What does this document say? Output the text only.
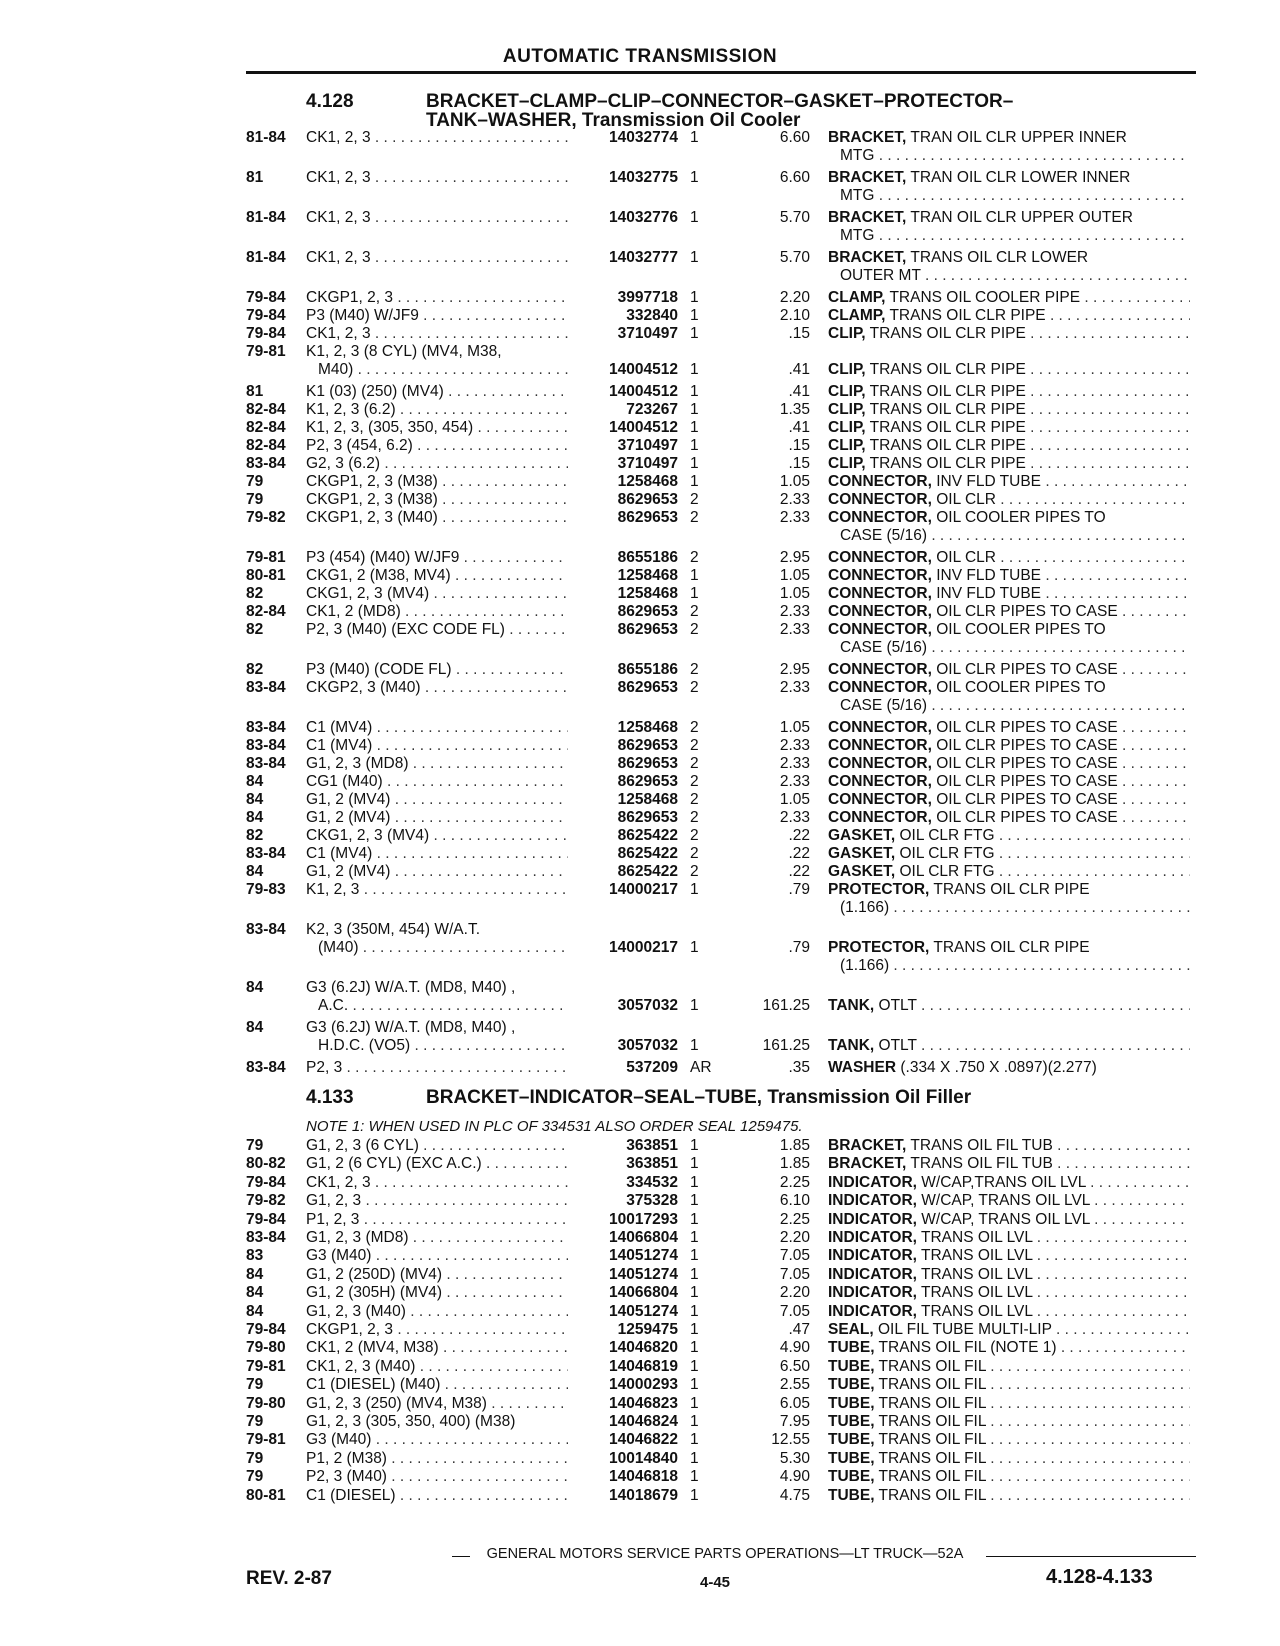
AUTOMATIC TRANSMISSION
4.128	BRACKET–CLAMP–CLIP–CONNECTOR–GASKET–PROTECTOR–
TANK–WASHER, Transmission Oil Cooler
4.133	BRACKET–INDICATOR–SEAL–TUBE, Transmission Oil Filler
NOTE 1: WHEN USED IN PLC OF 334531 ALSO ORDER SEAL 1259475.
81-84	CK1, 2, 3 . . .	14032774 1	6.60 BRACKET, TRAN OIL CLR UPPER INNER
MTG . . .
81	CK1, 2, 3 . . .	14032775 1	6.60 BRACKET, TRAN OIL CLR LOWER INNER
MTG . . .
81-84	CK1, 2, 3 . . .	14032776 1	5.70 BRACKET, TRAN OIL CLR UPPER OUTER
MTG . . .
81-84	CK1, 2, 3 . . .	14032777 1	5.70 BRACKET, TRANS OIL CLR LOWER
OUTER MT . . .
79-84	CKGP1, 2, 3 . . .	3997718 1	2.20 CLAMP, TRANS OIL COOLER PIPE . . .
79-84	P3 (M40) W/JF9 . . .	332840 1	2.10 CLAMP, TRANS OIL CLR PIPE . . .
79-84	CK1, 2, 3 . . .	3710497 1	.15 CLIP, TRANS OIL CLR PIPE . . .
79-81	K1, 2, 3 (8 CYL) (MV4, M38,
M40) . . .	14004512 1	.41 CLIP, TRANS OIL CLR PIPE . . .
81	K1 (03) (250) (MV4) . . .	14004512 1	.41 CLIP, TRANS OIL CLR PIPE . . .
82-84	K1, 2, 3 (6.2) . . .	723267 1	1.35 CLIP, TRANS OIL CLR PIPE . . .
82-84	K1, 2, 3, (305, 350, 454) . . .	14004512 1	.41 CLIP, TRANS OIL CLR PIPE . . .
82-84	P2, 3 (454, 6.2) . . .	3710497 1	.15 CLIP, TRANS OIL CLR PIPE . . .
83-84	G2, 3 (6.2) . . .	3710497 1	.15 CLIP, TRANS OIL CLR PIPE . . .
79	CKGP1, 2, 3 (M38) . . .	1258468 1	1.05 CONNECTOR, INV FLD TUBE . . .
79	CKGP1, 2, 3 (M38) . . .	8629653 2	2.33 CONNECTOR, OIL CLR . . .
79-82	CKGP1, 2, 3 (M40) . . .	8629653 2	2.33 CONNECTOR, OIL COOLER PIPES TO
CASE (5/16) . . .
79-81	P3 (454) (M40) W/JF9 . . .	8655186 2	2.95 CONNECTOR, OIL CLR . . .
80-81	CKG1, 2 (M38, MV4) . . .	1258468 1	1.05 CONNECTOR, INV FLD TUBE . . .
82	CKG1, 2, 3 (MV4) . . .	1258468 1	1.05 CONNECTOR, INV FLD TUBE . . .
82-84	CK1, 2 (MD8) . . .	8629653 2	2.33 CONNECTOR, OIL CLR PIPES TO CASE . . .
82	P2, 3 (M40) (EXC CODE FL) . . .	8629653 2	2.33 CONNECTOR, OIL COOLER PIPES TO
CASE (5/16) . . .
82	P3 (M40) (CODE FL) . . .	8655186 2	2.95 CONNECTOR, OIL CLR PIPES TO CASE . . .
83-84	CKGP2, 3 (M40) . . .	8629653 2	2.33 CONNECTOR, OIL COOLER PIPES TO
CASE (5/16) . . .
83-84	C1 (MV4) . . .	1258468 2	1.05 CONNECTOR, OIL CLR PIPES TO CASE . . .
83-84	C1 (MV4) . . .	8629653 2	2.33 CONNECTOR, OIL CLR PIPES TO CASE . . .
83-84	G1, 2, 3 (MD8) . . .	8629653 2	2.33 CONNECTOR, OIL CLR PIPES TO CASE . . .
84	CG1 (M40) . . .	8629653 2	2.33 CONNECTOR, OIL CLR PIPES TO CASE . . .
84	G1, 2 (MV4) . . .	1258468 2	1.05 CONNECTOR, OIL CLR PIPES TO CASE . . .
84	G1, 2 (MV4) . . .	8629653 2	2.33 CONNECTOR, OIL CLR PIPES TO CASE . . .
82	CKG1, 2, 3 (MV4) . . .	8625422 2	.22 GASKET, OIL CLR FTG . . .
83-84	C1 (MV4) . . .	8625422 2	.22 GASKET, OIL CLR FTG . . .
84	G1, 2 (MV4) . . .	8625422 2	.22 GASKET, OIL CLR FTG . . .
79-83	K1, 2, 3 . . .	14000217 1	.79 PROTECTOR, TRANS OIL CLR PIPE
(1.166) . . .
83-84	K2, 3 (350M, 454) W/A.T.
(M40) . . .	14000217 1	.79 PROTECTOR, TRANS OIL CLR PIPE
(1.166) . . .
84	G3 (6.2J) W/A.T. (MD8, M40) ,
A.C. . . .	3057032 1	161.25 TANK, OTLT . . .
84	G3 (6.2J) W/A.T. (MD8, M40) ,
H.D.C. (VO5) . . .	3057032 1	161.25 TANK, OTLT . . .
83-84	P2, 3 . . .	537209 AR	.35 WASHER (.334 X .750 X .0897)(2.277)
79	G1, 2, 3 (6 CYL) . . .	363851 1	1.85 BRACKET, TRANS OIL FIL TUB . . .
80-82	G1, 2 (6 CYL) (EXC A.C.) . . .	363851 1	1.85 BRACKET, TRANS OIL FIL TUB . . .
79-84	CK1, 2, 3 . . .	334532 1	2.25 INDICATOR, W/CAP,TRANS OIL LVL . . .
79-82	G1, 2, 3 . . .	375328 1	6.10 INDICATOR, W/CAP, TRANS OIL LVL . . .
79-84	P1, 2, 3 . . .	10017293 1	2.25 INDICATOR, W/CAP, TRANS OIL LVL . . .
83-84	G1, 2, 3 (MD8) . . .	14066804 1	2.20 INDICATOR, TRANS OIL LVL . . .
83	G3 (M40) . . .	14051274 1	7.05 INDICATOR, TRANS OIL LVL . . .
84	G1, 2 (250D) (MV4) . . .	14051274 1	7.05 INDICATOR, TRANS OIL LVL . . .
84	G1, 2 (305H) (MV4) . . .	14066804 1	2.20 INDICATOR, TRANS OIL LVL . . .
84	G1, 2, 3 (M40) . . .	14051274 1	7.05 INDICATOR, TRANS OIL LVL . . .
79-84	CKGP1, 2, 3 . . .	1259475 1	.47 SEAL, OIL FIL TUBE MULTI-LIP . . .
79-80	CK1, 2 (MV4, M38) . . .	14046820 1	4.90 TUBE, TRANS OIL FIL (NOTE 1) . . .
79-81	CK1, 2, 3 (M40) . . .	14046819 1	6.50 TUBE, TRANS OIL FIL . . .
79	C1 (DIESEL) (M40) . . .	14000293 1	2.55 TUBE, TRANS OIL FIL . . .
79-80	G1, 2, 3 (250) (MV4, M38) . . .	14046823 1	6.05 TUBE, TRANS OIL FIL . . .
79	G1, 2, 3 (305, 350, 400) (M38)	14046824 1	7.95 TUBE, TRANS OIL FIL . . .
79-81	G3 (M40) . . .	14046822 1	12.55 TUBE, TRANS OIL FIL . . .
79	P1, 2 (M38) . . .	10014840 1	5.30 TUBE, TRANS OIL FIL . . .
79	P2, 3 (M40) . . .	14046818 1	4.90 TUBE, TRANS OIL FIL . . .
80-81	C1 (DIESEL) . . .	14018679 1	4.75 TUBE, TRANS OIL FIL . . .
GENERAL MOTORS SERVICE PARTS OPERATIONS—LT TRUCK—52A
REV. 2-87	4-45	4.128-4.133
